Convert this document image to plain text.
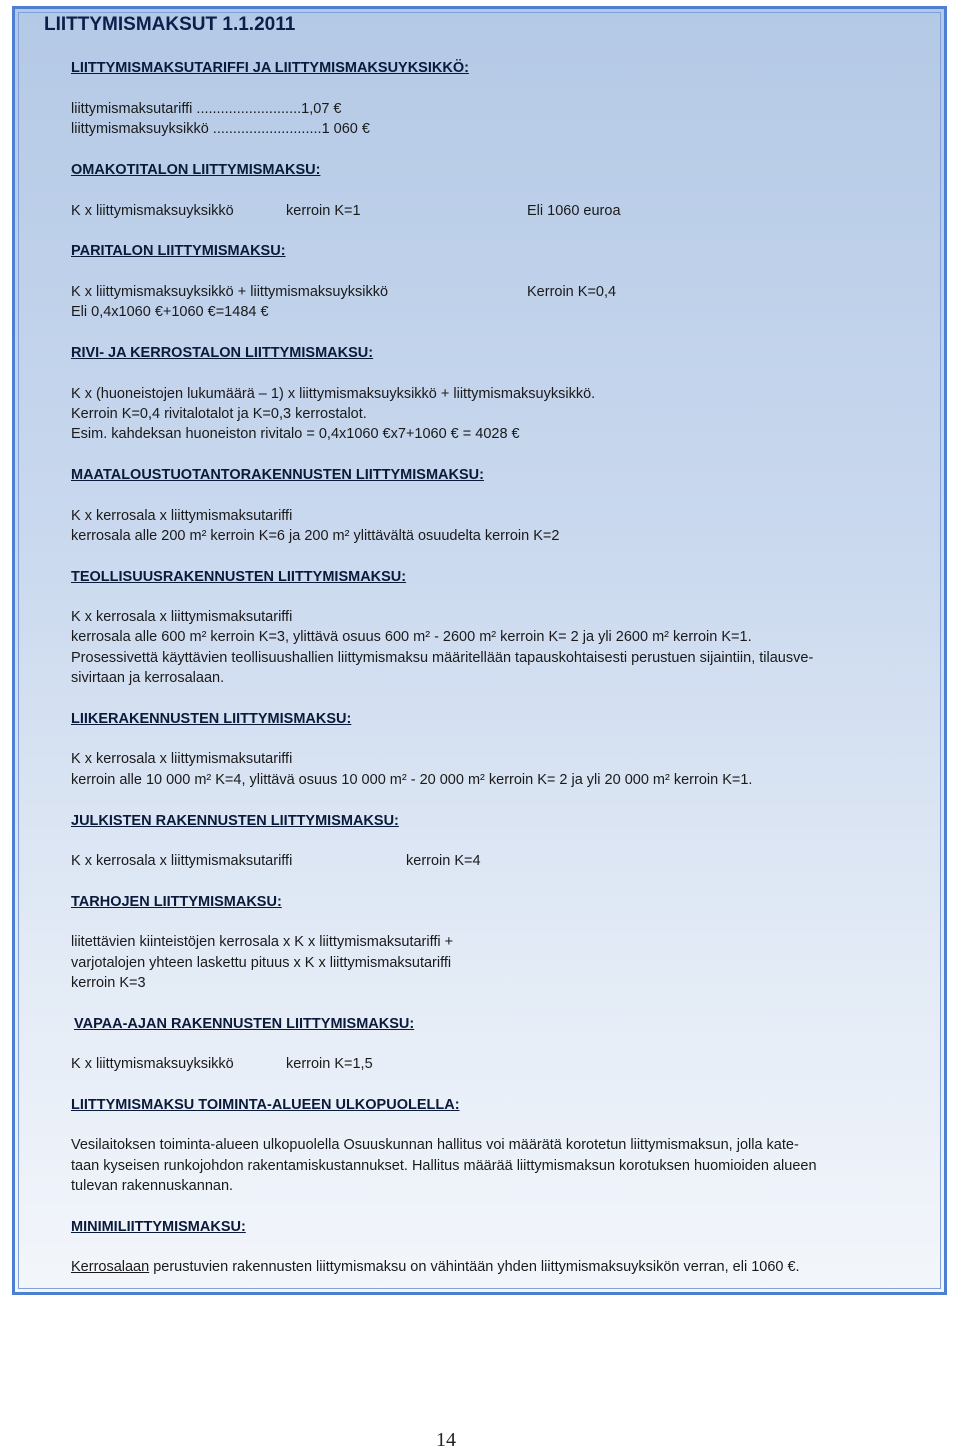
LIITTYMISMAKSUT 1.1.2011
LIITTYMISMAKSUTARIFFI JA LIITTYMISMAKSUYKSIKKÖ:
liittymismaksutariffi ..........................1,07 €
liittymismaksuyksikkö ...........................1 060 €
OMAKOTITALON LIITTYMISMAKSU:
K x liittymismaksuyksikkö	kerroin K=1	Eli 1060 euroa
PARITALON LIITTYMISMAKSU:
K x liittymismaksuyksikkö + liittymismaksuyksikkö	Kerroin K=0,4
Eli 0,4x1060 €+1060 €=1484 €
RIVI- JA KERROSTALON LIITTYMISMAKSU:
K x (huoneistojen lukumäärä – 1) x liittymismaksuyksikkö + liittymismaksuyksikkö.
Kerroin K=0,4 rivitalotalot ja K=0,3 kerrostalot.
Esim. kahdeksan huoneiston rivitalo = 0,4x1060 €x7+1060 € = 4028 €
MAATALOUSTUOTANTORAKENNUSTEN LIITTYMISMAKSU:
K x kerrosala x liittymismaksutariffi
kerrosala alle 200 m² kerroin K=6 ja 200 m² ylittävältä osuudelta kerroin K=2
TEOLLISUUSRAKENNUSTEN LIITTYMISMAKSU:
K x kerrosala x liittymismaksutariffi
kerrosala alle 600 m² kerroin K=3, ylittävä osuus 600 m² - 2600 m² kerroin K= 2 ja yli 2600 m² kerroin K=1.
Prosessivettä käyttävien teollisuushallien liittymismaksu määritellään tapauskohtaisesti perustuen sijaintiin, tilausve-
sivirtaan ja kerrosalaan.
LIIKERAKENNUSTEN LIITTYMISMAKSU:
K x kerrosala x liittymismaksutariffi
kerroin alle 10 000 m² K=4, ylittävä osuus 10 000 m² - 20 000 m² kerroin K= 2 ja yli 20 000 m² kerroin K=1.
JULKISTEN RAKENNUSTEN LIITTYMISMAKSU:
K x kerrosala x liittymismaksutariffi	kerroin K=4
TARHOJEN LIITTYMISMAKSU:
liitettävien kiinteistöjen kerrosala x K x liittymismaksutariffi +
varjotalojen yhteen laskettu pituus x K x liittymismaksutariffi
kerroin K=3
VAPAA-AJAN RAKENNUSTEN LIITTYMISMAKSU:
K x liittymismaksuyksikkö	kerroin K=1,5
LIITTYMISMAKSU TOIMINTA-ALUEEN ULKOPUOLELLA:
Vesilaitoksen toiminta-alueen ulkopuolella Osuuskunnan hallitus voi määrätä korotetun liittymismaksun, jolla kate-
taan kyseisen runkojohdon rakentamiskustannukset. Hallitus määrää liittymismaksun korotuksen huomioiden alueen
tulevan rakennuskannan.
MINIMILIITTYMISMAKSU:
Kerrosalaan perustuvien rakennusten liittymismaksu on vähintään yhden liittymismaksuyksikön verran, eli 1060 €.
14
